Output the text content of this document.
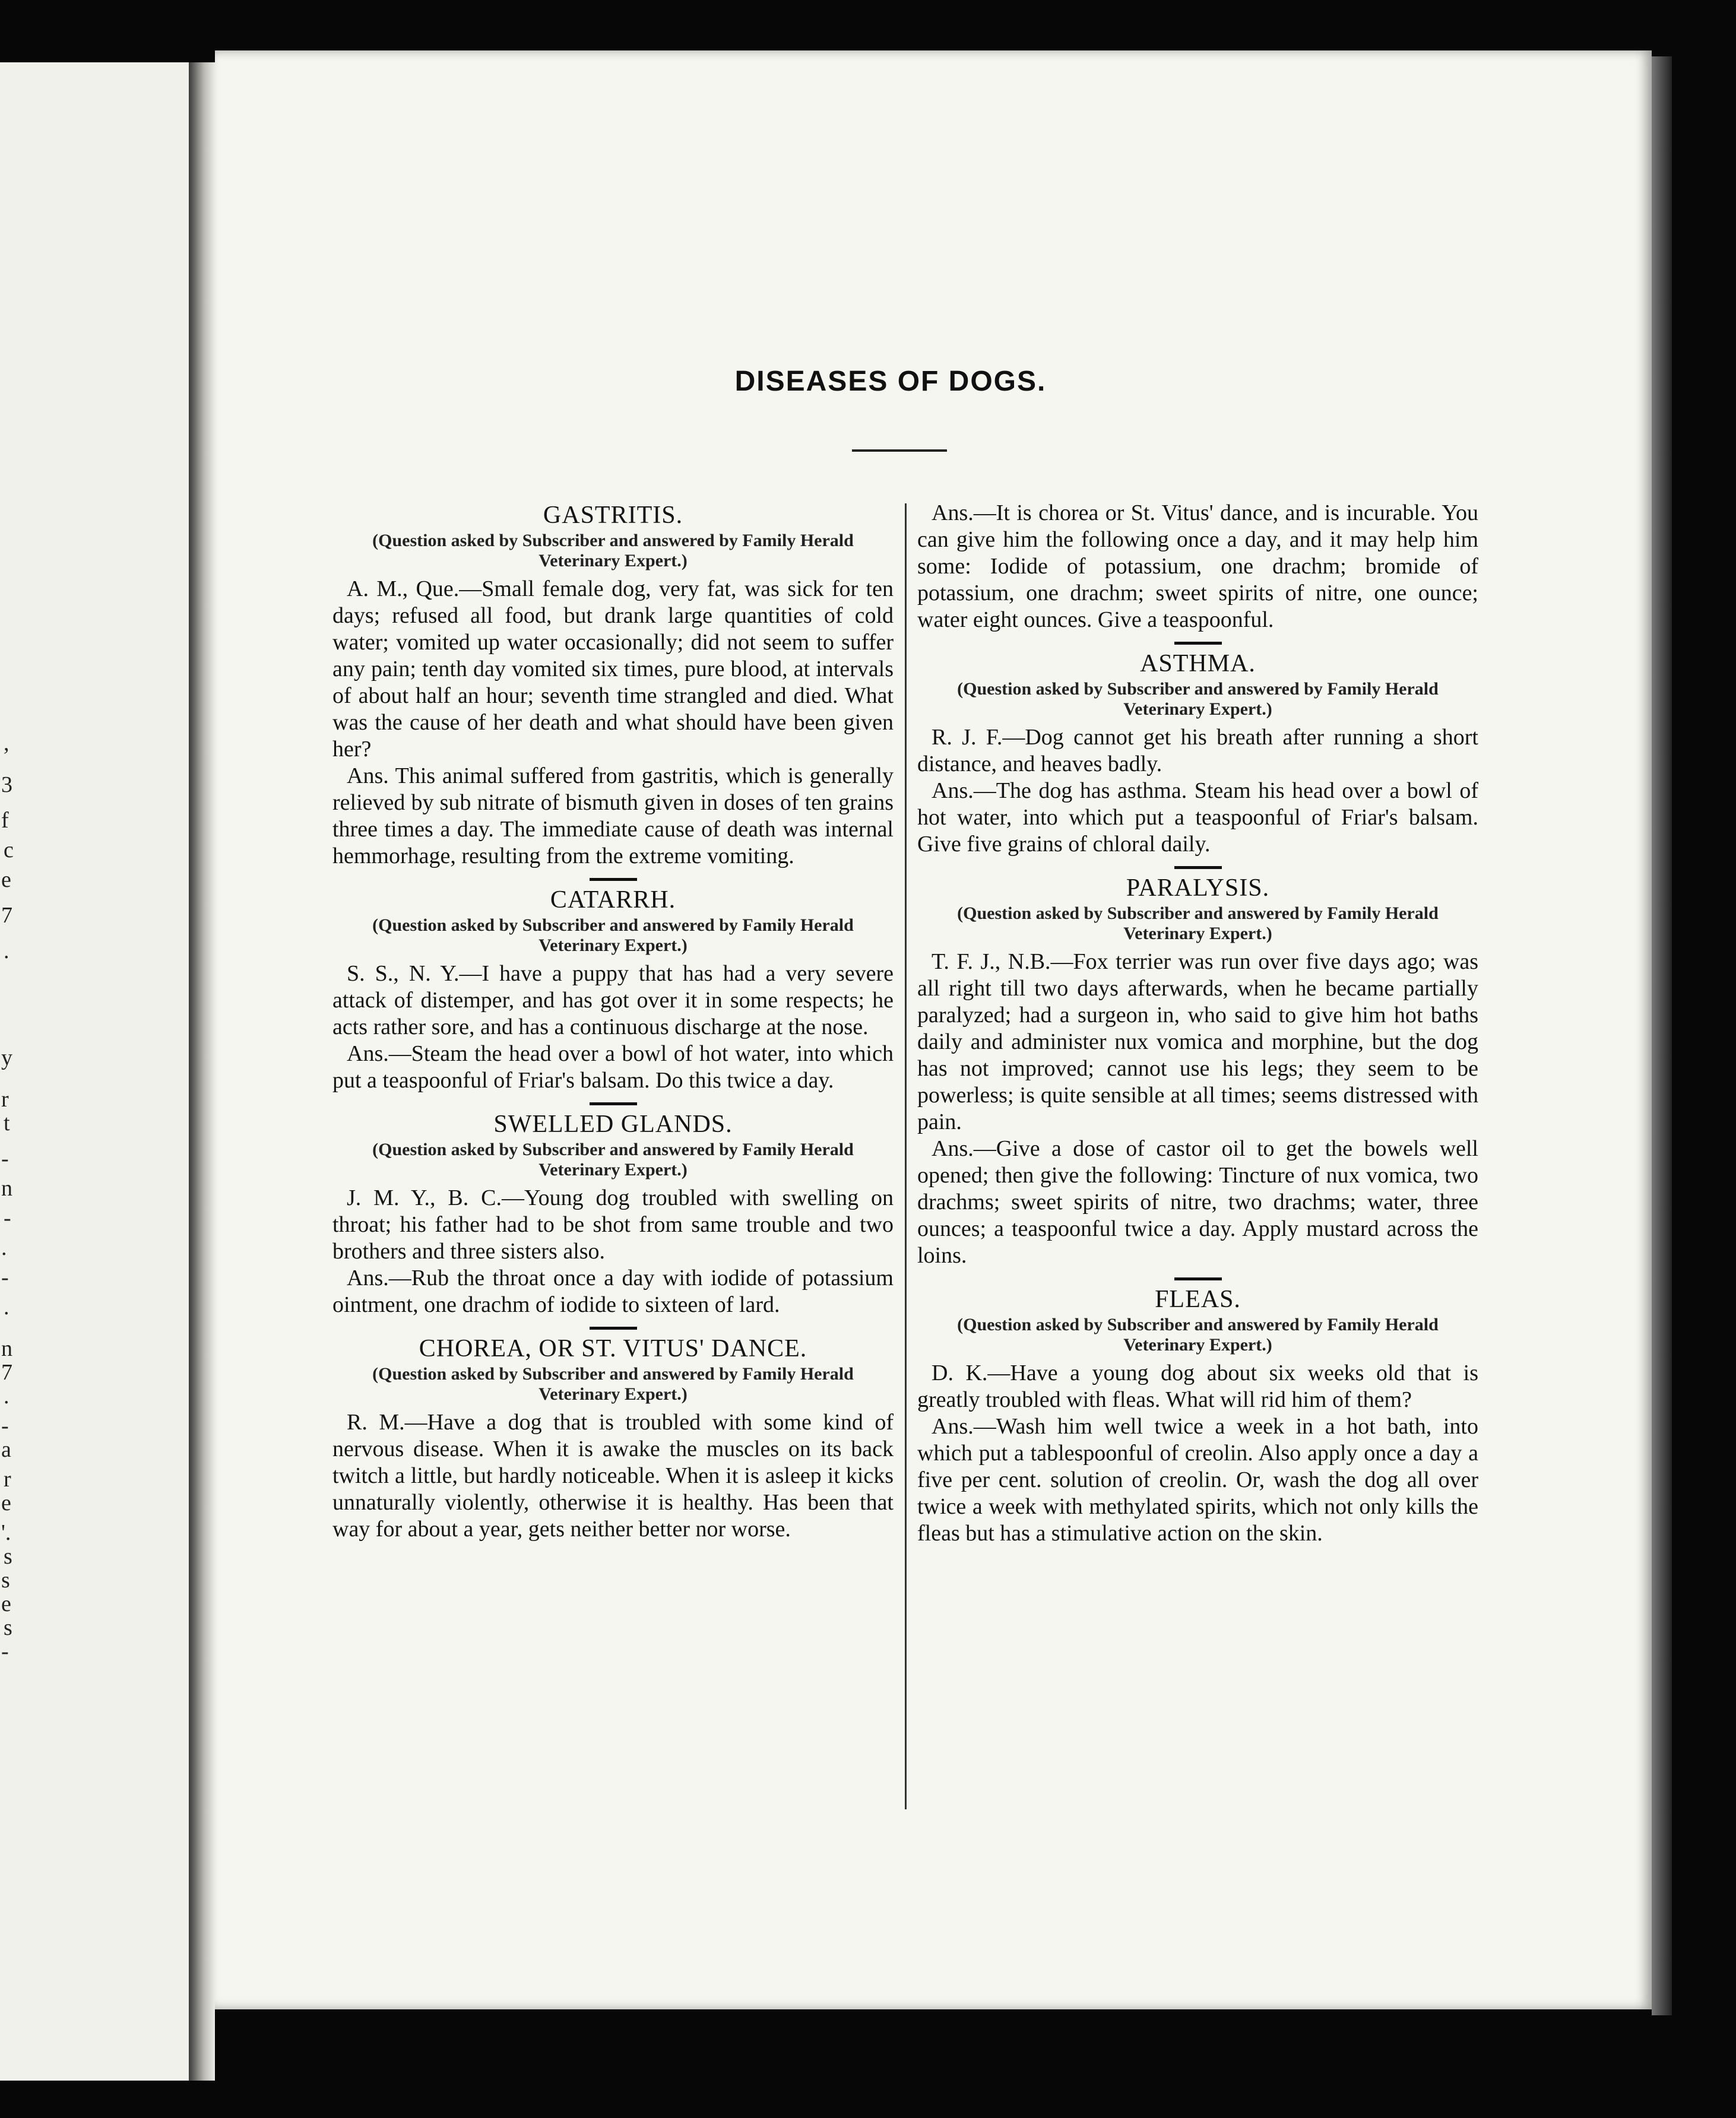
,
3
f
c
e
7
.
y
r
t
-
n
-
.
-
.
n
7
.
-
a
r
e
'.
s
s
e
s
-
DISEASES OF DOGS.
GASTRITIS.
(Question asked by Subscriber and answered by Family Herald Veterinary Expert.)

A. M., Que.—Small female dog, very fat, was sick for ten days; refused all food, but drank large quantities of cold water; vomited up water occasionally; did not seem to suffer any pain; tenth day vomited six times, pure blood, at intervals of about half an hour; seventh time strangled and died. What was the cause of her death and what should have been given her?

Ans. This animal suffered from gastritis, which is generally relieved by sub nitrate of bismuth given in doses of ten grains three times a day. The immediate cause of death was internal hemmorhage, resulting from the extreme vomiting.

CATARRH.
(Question asked by Subscriber and answered by Family Herald Veterinary Expert.)

S. S., N. Y.—I have a puppy that has had a very severe attack of distemper, and has got over it in some respects; he acts rather sore, and has a continuous discharge at the nose.

Ans.—Steam the head over a bowl of hot water, into which put a teaspoonful of Friar's balsam. Do this twice a day.

SWELLED GLANDS.
(Question asked by Subscriber and answered by Family Herald Veterinary Expert.)

J. M. Y., B. C.—Young dog troubled with swelling on throat; his father had to be shot from same trouble and two brothers and three sisters also.

Ans.—Rub the throat once a day with iodide of potassium ointment, one drachm of iodide to sixteen of lard.

CHOREA, OR ST. VITUS' DANCE.
(Question asked by Subscriber and answered by Family Herald Veterinary Expert.)

R. M.—Have a dog that is troubled with some kind of nervous disease. When it is awake the muscles on its back twitch a little, but hardly noticeable. When it is asleep it kicks unnaturally violently, otherwise it is healthy. Has been that way for about a year, gets neither better nor worse.

Ans.—It is chorea or St. Vitus' dance, and is incurable. You can give him the following once a day, and it may help him some: Iodide of potassium, one drachm; bromide of potassium, one drachm; sweet spirits of nitre, one ounce; water eight ounces. Give a teaspoonful.

ASTHMA.
(Question asked by Subscriber and answered by Family Herald Veterinary Expert.)

R. J. F.—Dog cannot get his breath after running a short distance, and heaves badly.

Ans.—The dog has asthma. Steam his head over a bowl of hot water, into which put a teaspoonful of Friar's balsam. Give five grains of chloral daily.

PARALYSIS.
(Question asked by Subscriber and answered by Family Herald Veterinary Expert.)

T. F. J., N.B.—Fox terrier was run over five days ago; was all right till two days afterwards, when he became partially paralyzed; had a surgeon in, who said to give him hot baths daily and administer nux vomica and morphine, but the dog has not improved; cannot use his legs; they seem to be powerless; is quite sensible at all times; seems distressed with pain.

Ans.—Give a dose of castor oil to get the bowels well opened; then give the following: Tincture of nux vomica, two drachms; sweet spirits of nitre, two drachms; water, three ounces; a teaspoonful twice a day. Apply mustard across the loins.

FLEAS.
(Question asked by Subscriber and answered by Family Herald Veterinary Expert.)

D. K.—Have a young dog about six weeks old that is greatly troubled with fleas. What will rid him of them?

Ans.—Wash him well twice a week in a hot bath, into which put a tablespoonful of creolin. Also apply once a day a five per cent. solution of creolin. Or, wash the dog all over twice a week with methylated spirits, which not only kills the fleas but has a stimulative action on the skin.
